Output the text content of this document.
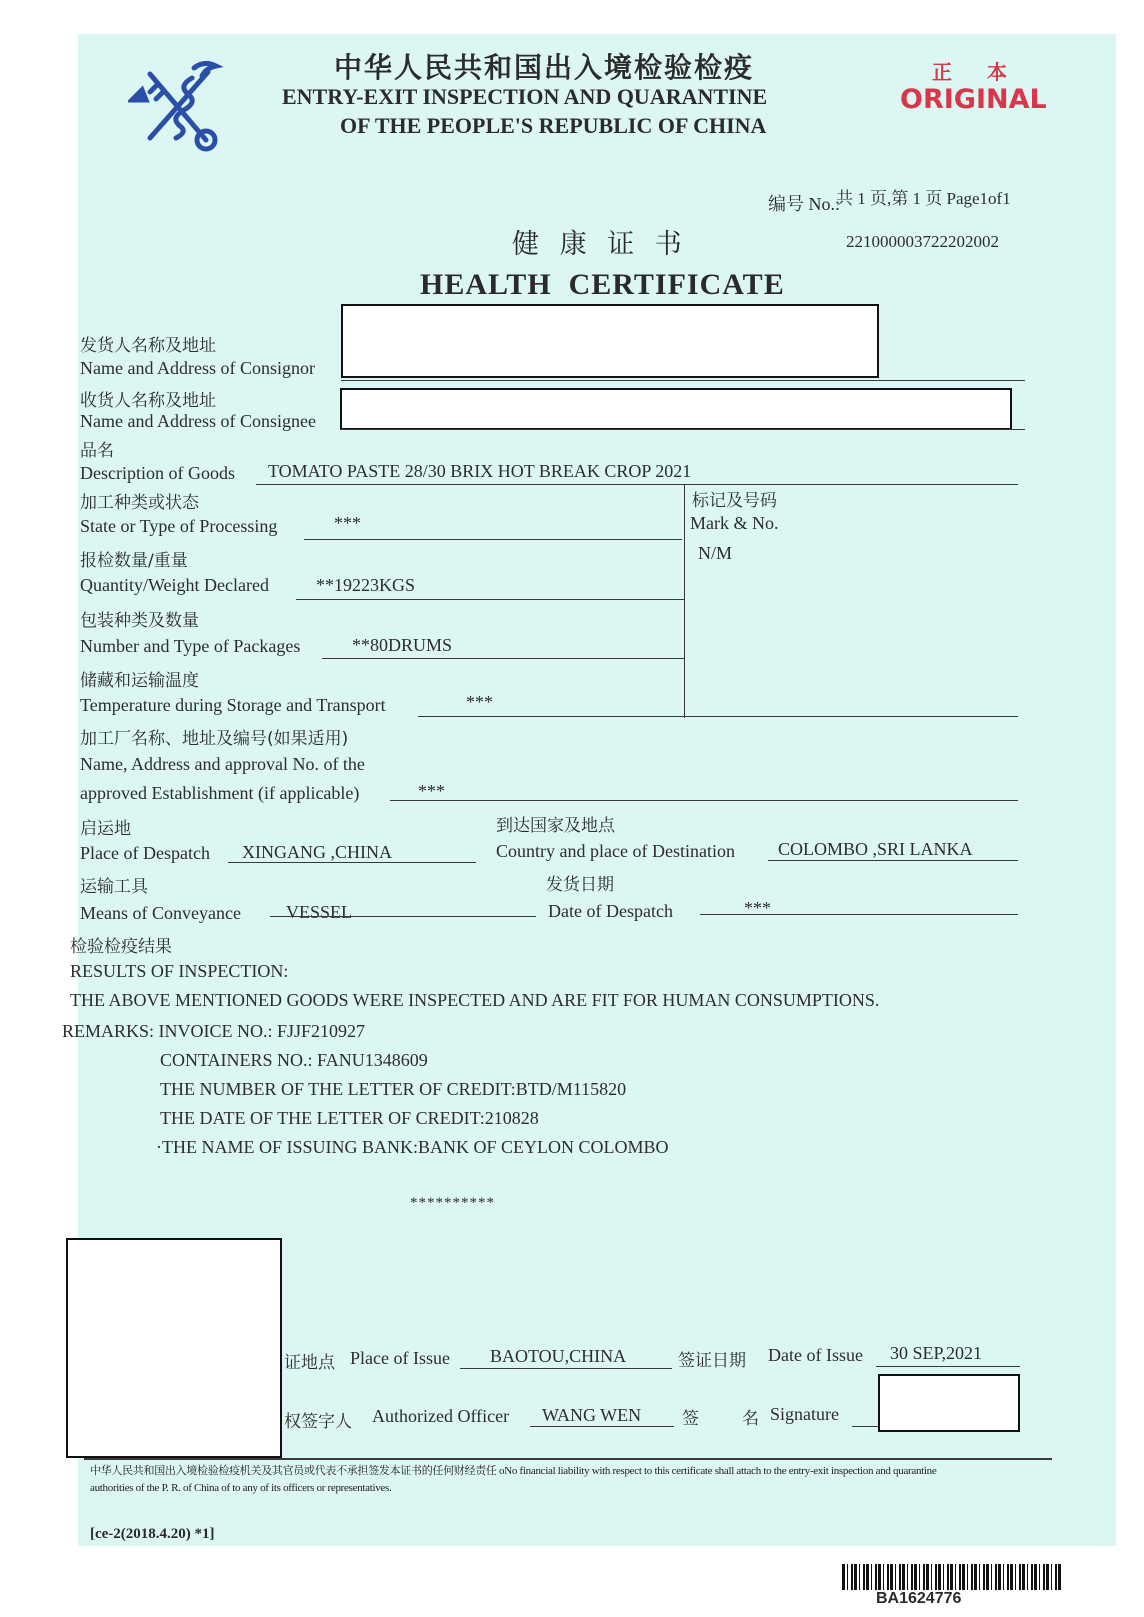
中华人民共和国出入境检验检疫
ENTRY-EXIT INSPECTION AND QUARANTINE
OF THE PEOPLE'S REPUBLIC OF CHINA
正 本
ORIGINAL
编号 No.:
共 1 页,第 1 页 Page1of1
221000003722202002
健 康 证 书
HEALTH  CERTIFICATE
发货人名称及地址
Name and Address of Consignor
收货人名称及地址
Name and Address of Consignee
品名
Description of Goods TOMATO PASTE 28/30 BRIX HOT BREAK CROP 2021
加工种类或状态
State or Type of Processing	***
标记及号码
Mark & No.
N/M
报检数量/重量
Quantity/Weight Declared	**19223KGS
包装种类及数量
Number and Type of Packages	**80DRUMS
储藏和运输温度
Temperature during Storage and Transport	***
加工厂名称、地址及编号(如果适用)
Name, Address and approval No. of the
approved Establishment (if applicable)	***
启运地
Place of Despatch XINGANG ,CHINA
到达国家及地点
Country and place of Destination COLOMBO ,SRI LANKA
运输工具
Means of Conveyance	VESSEL
发货日期
Date of Despatch	***
检验检疫结果
RESULTS OF INSPECTION:
THE ABOVE MENTIONED GOODS WERE INSPECTED AND ARE FIT FOR HUMAN CONSUMPTIONS.
REMARKS: INVOICE NO.: FJJF210927
CONTAINERS NO.: FANU1348609
THE NUMBER OF THE LETTER OF CREDIT:BTD/M115820
THE DATE OF THE LETTER OF CREDIT:210828
·THE NAME OF ISSUING BANK:BANK OF CEYLON COLOMBO
**********
证地点 Place of Issue BAOTOU,CHINA	签证日期 Date of Issue 30 SEP,2021
权签字人 Authorized Officer WANG WEN 签	名 Signature
中华人民共和国出入境检验检疫机关及其官员或代表不承担签发本证书的任何财经责任 oNo financial liability with respect to this certificate shall attach to the entry-exit inspection and quarantine
authorities of the P. R. of China of to any of its officers or representatives.
[ce-2(2018.4.20) *1]
BA1624776
